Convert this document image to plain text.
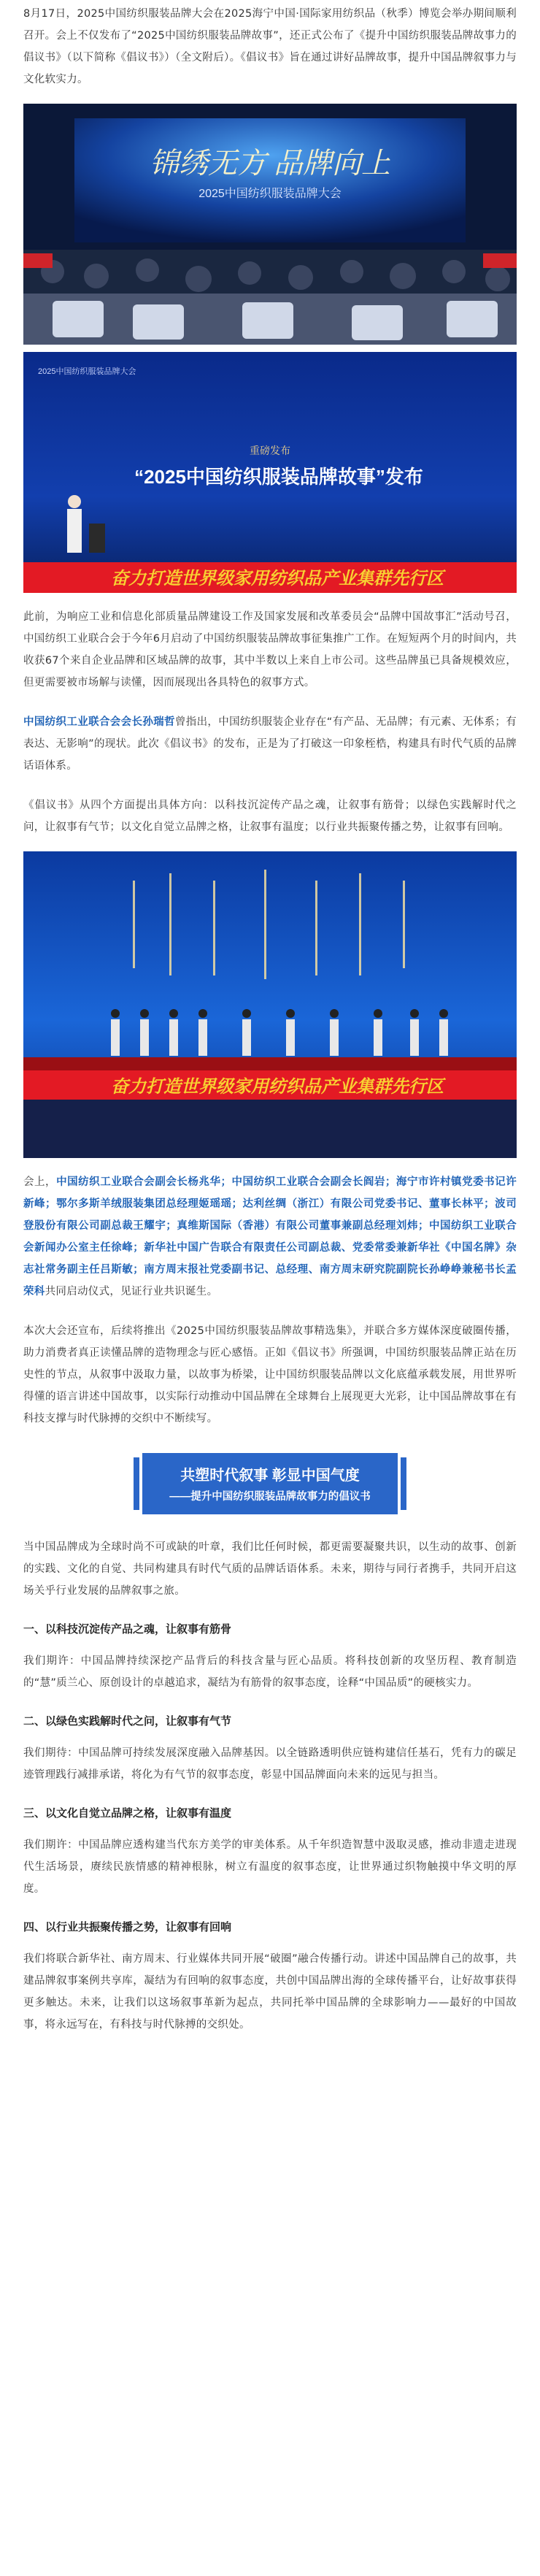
8月17日，2025中国纺织服装品牌大会在2025海宁中国·国际家用纺织品（秋季）博览会举办期间顺利召开。会上不仅发布了“2025中国纺织服装品牌故事”，还正式公布了《提升中国纺织服装品牌故事力的倡议书》（以下简称《倡议书》）（全文附后）。《倡议书》旨在通过讲好品牌故事，提升中国品牌叙事力与文化软实力。

锦绣无方 品牌向上
2025中国纺织服装品牌大会
2025中国纺织服装品牌大会
重磅发布
“2025中国纺织服装品牌故事”发布
奋力打造世界级家用纺织品产业集群先行区

此前，为响应工业和信息化部质量品牌建设工作及国家发展和改革委员会“品牌中国故事汇”活动号召，中国纺织工业联合会于今年6月启动了中国纺织服装品牌故事征集推广工作。在短短两个月的时间内，共收获67个来自企业品牌和区域品牌的故事，其中半数以上来自上市公司。这些品牌虽已具备规模效应，但更需要被市场解与读懂，因而展现出各具特色的叙事方式。

中国纺织工业联合会会长孙瑞哲曾指出，中国纺织服装企业存在“有产品、无品牌；有元素、无体系；有表达、无影响”的现状。此次《倡议书》的发布，正是为了打破这一印象桎梏，构建具有时代气质的品牌话语体系。

《倡议书》从四个方面提出具体方向：以科技沉淀传产品之魂，让叙事有筋骨；以绿色实践解时代之问，让叙事有气节；以文化自觉立品牌之格，让叙事有温度；以行业共振聚传播之势，让叙事有回响。

奋力打造世界级家用纺织品产业集群先行区

会上，中国纺织工业联合会副会长杨兆华；中国纺织工业联合会副会长阎岩；海宁市许村镇党委书记许新峰；鄂尔多斯羊绒服装集团总经理姬瑶瑶；达利丝绸（浙江）有限公司党委书记、董事长林平；波司登股份有限公司副总裁王耀宇；真维斯国际（香港）有限公司董事兼副总经理刘炜；中国纺织工业联合会新闻办公室主任徐峰；新华社中国广告联合有限责任公司副总裁、党委常委兼新华社《中国名牌》杂志社常务副主任吕斯敏；南方周末报社党委副书记、总经理、南方周末研究院副院长孙峥峥兼秘书长孟荣科共同启动仪式，见证行业共识诞生。

本次大会还宣布，后续将推出《2025中国纺织服装品牌故事精选集》，并联合多方媒体深度破圈传播，助力消费者真正读懂品牌的造物理念与匠心感悟。正如《倡议书》所强调，中国纺织服装品牌正站在历史性的节点，从叙事中汲取力量，以故事为桥梁，让中国纺织服装品牌以文化底蕴承载发展，用世界听得懂的语言讲述中国故事，以实际行动推动中国品牌在全球舞台上展现更大光彩，让中国品牌故事在有科技支撑与时代脉搏的交织中不断续写。

共塑时代叙事 彰显中国气度
——提升中国纺织服装品牌故事力的倡议书

当中国品牌成为全球时尚不可或缺的叶章，我们比任何时候，都更需要凝聚共识，以生动的故事、创新的实践、文化的自觉、共同构建具有时代气质的品牌话语体系。未来，期待与同行者携手，共同开启这场关乎行业发展的品牌叙事之旅。

一、以科技沉淀传产品之魂，让叙事有筋骨

我们期许：中国品牌持续深挖产品背后的科技含量与匠心品质。将科技创新的攻坚历程、教育制造的“慧”质兰心、原创设计的卓越追求，凝结为有筋骨的叙事态度，诠释“中国品质”的硬核实力。

二、以绿色实践解时代之问，让叙事有气节

我们期待：中国品牌可持续发展深度融入品牌基因。以全链路透明供应链构建信任基石，凭有力的碳足迹管理践行减排承诺，将化为有气节的叙事态度，彰显中国品牌面向未来的远见与担当。

三、以文化自觉立品牌之格，让叙事有温度

我们期许：中国品牌应透构建当代东方美学的审美体系。从千年织造智慧中汲取灵感，推动非遗走进现代生活场景，赓续民族情感的精神根脉，树立有温度的叙事态度，让世界通过织物触摸中华文明的厚度。

四、以行业共振聚传播之势，让叙事有回响

我们将联合新华社、南方周末、行业媒体共同开展“破圈”融合传播行动。讲述中国品牌自己的故事，共建品牌叙事案例共享库，凝结为有回响的叙事态度，共创中国品牌出海的全球传播平台，让好故事获得更多触达。未来，让我们以这场叙事革新为起点，共同托举中国品牌的全球影响力——最好的中国故事，将永远写在，有科技与时代脉搏的交织处。
